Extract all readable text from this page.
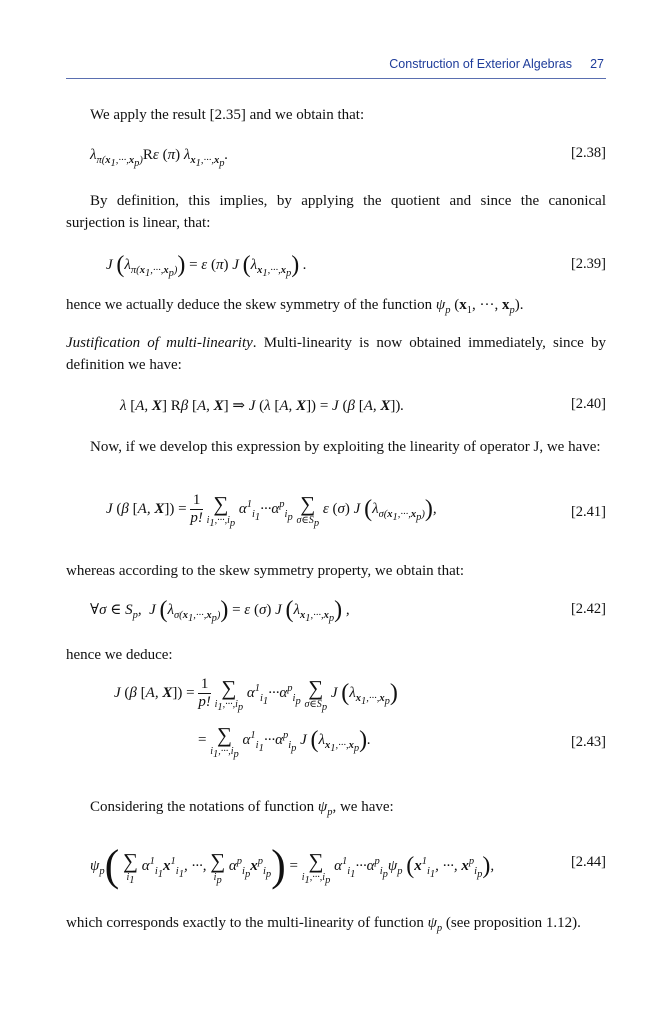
Construction of Exterior Algebras 27
We apply the result [2.35] and we obtain that:
$\lambda_{\pi(x_1,\cdot\cdot\cdot,x_p)}R\varepsilon$ (π) $\lambda_{x_1,\cdot\cdot\cdot,x_p}$.	[2.38]
By definition, this implies, by applying the quotient and since the canonical surjection is linear, that:
J $(\lambda_{\pi(x_1,\cdot\cdot\cdot,x_p)}) = \varepsilon$ (π) J $(\lambda_{x_1,\cdot\cdot\cdot,x_p})$ .	[2.39]
hence we actually deduce the skew symmetry of the function $\psi_p$ ($x_1$, ···, $x_p$).
Justification of multi-linearity. Multi-linearity is now obtained immediately, since by definition we have:
λ [A, X] Rβ [A, X] ⇒ J (λ [A, X]) = J (β [A, X]).	[2.40]
Now, if we develop this expression by exploiting the linearity of operator J, we have:
J (β [A, $X]) = \frac{1}{p!}$
∑
$i_1,\cdot\cdot\cdot,i_p$
$\alpha^1_{i_1}\cdot\cdot\cdot\alpha^p_{i_p}$
∑
$\sigma\in S_p$
ε (σ) J $(\lambda_{\sigma(x_1,\cdot\cdot\cdot,x_p)})$,	[2.41]
whereas according to the skew symmetry property, we obtain that:
∀σ ∈ $S_p$,  J $(\lambda_{\sigma(x_1,\cdot\cdot\cdot,x_p)}) = \varepsilon$ (σ) J $(\lambda_{x_1,\cdot\cdot\cdot,x_p})$ ,	[2.42]
hence we deduce:
J (β [A, $X]) = \frac{1}{p!}$
∑
$i_1,\cdot\cdot\cdot,i_p$
$\alpha^1_{i_1}\cdot\cdot\cdot\alpha^p_{i_p}$
∑
$\sigma\in S_p$
J $(\lambda_{x_1,\cdot\cdot\cdot,x_p})$
= ∑
$i_1,\cdot\cdot\cdot,i_p$
$\alpha^1_{i_1}\cdot\cdot\cdot\alpha^p_{i_p}$ J $(\lambda_{x_1,\cdot\cdot\cdot,x_p})$.	[2.43]
Considering the notations of function $\psi_p$, we have:
$\psi_p$( ∑
$i_1$
$\alpha^1_{i_1}x^1_{i_1}$, ···, ∑
$i_p$
$\alpha^p_{i_p}x^p_{i_p}$) = ∑
$i_1,\cdot\cdot\cdot,i_p$
$\alpha^1_{i_1}\cdot\cdot\cdot\alpha^p_{i_p}\psi_p$ ($x^1_{i_1}$, ···, $x^p_{i_p}$),	[2.44]
which corresponds exactly to the multi-linearity of function $\psi_p$ (see proposition 1.12).
